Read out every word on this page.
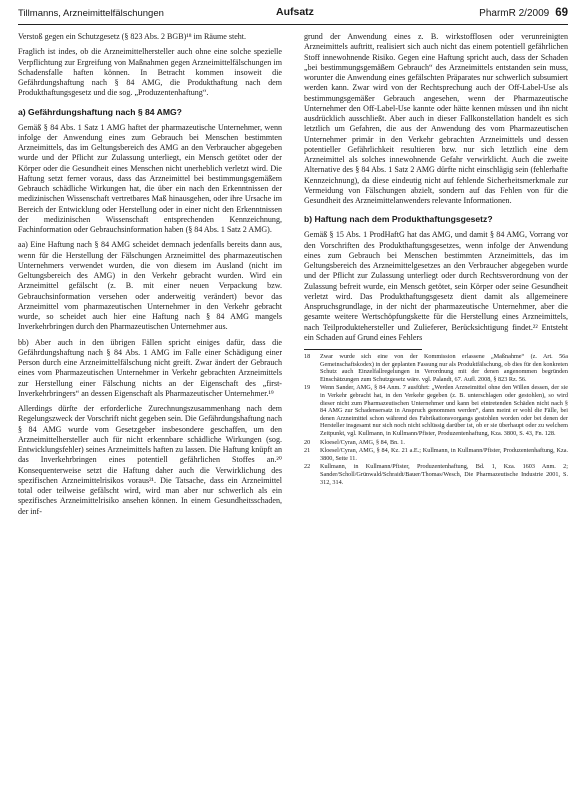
Tillmanns, Arzneimittelfälschungen	Aufsatz	PharmR 2/2009 69

Verstoß gegen ein Schutzgesetz (§ 823 Abs. 2 BGB)¹⁸ im Räume steht.

Fraglich ist indes, ob die Arzneimittelhersteller auch ohne eine solche spezielle Verpflichtung zur Ergreifung von Maßnahmen gegen Arzneimittelfälschungen im Schadensfalle haften können. In Betracht kommen insoweit die Gefährdungshaftung nach § 84 AMG, die Produkthaftung nach dem Produkthaftungsgesetz und die sog. „Produzentenhaftung“.

a) Gefährdungshaftung nach § 84 AMG?

Gemäß § 84 Abs. 1 Satz 1 AMG haftet der pharmazeutische Unternehmer, wenn infolge der Anwendung eines zum Gebrauch bei Menschen bestimmten Arzneimittels, das im Geltungsbereich des AMG an den Verbraucher abgegeben wurde und der Pflicht zur Zulassung unterliegt, ein Mensch getötet oder der Körper oder die Gesundheit eines Menschen nicht unerheblich verletzt wird. Die Haftung setzt ferner voraus, dass das Arzneimittel bei bestimmungsgemäßem Gebrauch schädliche Wirkungen hat, die über ein nach den Erkenntnissen der medizinischen Wissenschaft vertretbares Maß hinausgehen, oder ihre Ursache im Bereich der Entwicklung oder Herstellung oder in einer nicht den Erkenntnissen der medizinischen Wissenschaft entsprechenden Kennzeichnung, Fachinformation oder Gebrauchsinformation haben (§ 84 Abs. 1 Satz 2 AMG).

aa) Eine Haftung nach § 84 AMG scheidet demnach jedenfalls bereits dann aus, wenn für die Herstellung der Fälschungen Arzneimittel des pharmazeutischen Unternehmers verwendet wurden, die von diesem im Ausland (nicht im Geltungsbereich des AMG) in den Verkehr gebracht wurden. Wird ein Arzneimittel gefälscht (z. B. mit einer neuen Verpackung bzw. Gebrauchsinformation versehen oder anderweitig verändert) bevor das Arzneimittel vom pharmazeutischen Unternehmer in den Verkehr gebracht wurde, so scheidet auch hier eine Haftung nach § 84 AMG mangels Inverkehrbringen durch den Pharmazeutischen Unternehmer aus.

bb) Aber auch in den übrigen Fällen spricht einiges dafür, dass die Gefährdungshaftung nach § 84 Abs. 1 AMG im Falle einer Schädigung einer Person durch eine Arzneimittelfälschung nicht greift. Zwar ändert der Gebrauch eines vom Pharmazeutischen Unternehmer in Verkehr gebrachten Arzneimittels zur Herstellung einer Fälschung nichts an der Eigenschaft des „first-Inverkehrbringers“ an dessen Eigenschaft als Pharmazeutischer Unternehmer.¹⁹

Allerdings dürfte der erforderliche Zurechnungszusammenhang nach dem Regelungszweck der Vorschrift nicht gegeben sein. Die Gefährdungshaftung nach § 84 AMG wurde vom Gesetzgeber insbesondere geschaffen, um den Arzneimittelhersteller auch für nicht erkennbare schädliche Wirkungen (sog. Entwicklungsfehler) seines Arzneimittels haften zu lassen. Die Haftung knüpft an das Inverkehrbringen eines potentiell gefährlichen Stoffes an.²⁰ Konsequenterweise setzt die Haftung daher auch die Verwirklichung des spezifischen Arzneimittelrisikos voraus²¹. Die Tatsache, dass ein Arzneimittel total oder teilweise gefälscht wird, wird man aber nur schwerlich als ein spezifisches Arzneimittelrisiko ansehen können. In einem Gesundheitsschaden, der inf-

grund der Anwendung eines z. B. wirkstofflosen oder verunreinigten Arzneimittels auftritt, realisiert sich auch nicht das einem potentiell gefährlichen Stoff innewohnende Risiko. Gegen eine Haftung spricht auch, dass der Schaden „bei bestimmungsgemäßem Gebrauch“ des Arzneimittels entstanden sein muss, worunter die Anwendung eines gefälschten Präparates nur schwerlich subsumiert werden kann. Zwar wird von der Rechtsprechung auch der Off-Label-Use als bestimmungsgemäßer Gebrauch angesehen, wenn der Pharmazeutische Unternehmer den Off-Label-Use kannte oder hätte kennen müssen und ihn nicht ausdrücklich ausschließt. Aber auch in dieser Fallkonstellation handelt es sich letztlich um Gefahren, die aus der Anwendung des vom Pharmazeutischen Unternehmer primär in den Verkehr gebrachten Arzneimittels und dessen potentieller Gefährlichkeit resultieren bzw. nur sich letztlich eine dem Arzneimittel als solches innewohnende Gefahr verwirklicht. Auch die zweite Alternative des § 84 Abs. 1 Satz 2 AMG dürfte nicht einschlägig sein (fehlerhafte Kennzeichnung), da diese eindeutig nicht auf fehlende Sicherheitsmerkmale zur Vermeidung von Fälschungen abzielt, sondern auf das Fehlen von für die Gesundheit des Arzneimittelanwenders relevante Informationen.

b) Haftung nach dem Produkthaftungsgesetz?

Gemäß § 15 Abs. 1 ProdHaftG hat das AMG, und damit § 84 AMG, Vorrang vor den Vorschriften des Produkthaftungsgesetzes, wenn infolge der Anwendung eines zum Gebrauch bei Menschen bestimmten Arzneimittels, das im Geltungsbereich des Arzneimittelgesetzes an den Verbraucher abgegeben wurde und der Pflicht zur Zulassung unterliegt oder durch Rechtsverordnung von der Zulassung befreit wurde, ein Mensch getötet, sein Körper oder seine Gesundheit verletzt wird. Das Produkthaftungsgesetz dient damit als allgemeinere Anspruchsgrundlage, in der nicht der pharmazeutische Unternehmer, aber die gesamte weitere Wertschöpfungskette für die Herstellung eines Arzneimittels, nach Teilproduktehersteller und Zulieferer, Berücksichtigung findet.²² Entsteht ein Schaden auf Grund eines Fehlers

18	Zwar wurde sich eine von der Kommission erlassene „Maßnahme“ (z. Art. 56a Gemeinschaftskodex) in der geplanten Fassung nur als Produktfälschung, ob dies für den konkreten Schutz auch Einzelfallregelungen in Verordnung mit der denen angenommen begründen Einschätzungen zum Schutzgesetz wäre. vgl. Palandt, 67. Aufl. 2008, § 823 Rz. 56.
19	Wenn Sander, AMG, § 84 Anm. 7 ausführt: „Werden Arzneimittel ohne den Willen dessen, der sie in Verkehr gebracht hat, in den Verkehr gegeben (z. B. unterschlagen oder gestohlen), so wird dieser nicht zum Pharmazeutischen Unternehmer und kann bei eintretenden Schäden nicht nach § 84 AMG zur Schadensersatz in Anspruch genommen werden“, dann meint er wohl die Fälle, bei denen Arzneimittel schon während des Fabrikationsvorgangs gestohlen worden oder bei denen der Hersteller insgesamt nur sich noch nicht schlüssig darüber ist, ob er sie überhaupt oder zu welchem Zeitpunkt, vgl. Kullmann, in Kullmann/Pfister, Produzentenhaftung, Kza. 3800, S. 43, Fn. 128.
20	Kloesel/Cyran, AMG, § 84, Bn. 1.
21	Kloesel/Cyran, AMG, § 84, Kz. 21 a.E.; Kullmann, in Kullmann/Pfister, Produzentenhaftung, Kza. 3800, Seite 11.
22	Kullmann, in Kullmann/Pfister, Produzentenhaftung, Bd. 1, Kza. 1603 Anm. 2; Sander/Scholl/Grünwald/Schraidt/Bauer/Thomas/Wesch, Die Pharmazeutische Industrie 2001, S. 312, 314.
